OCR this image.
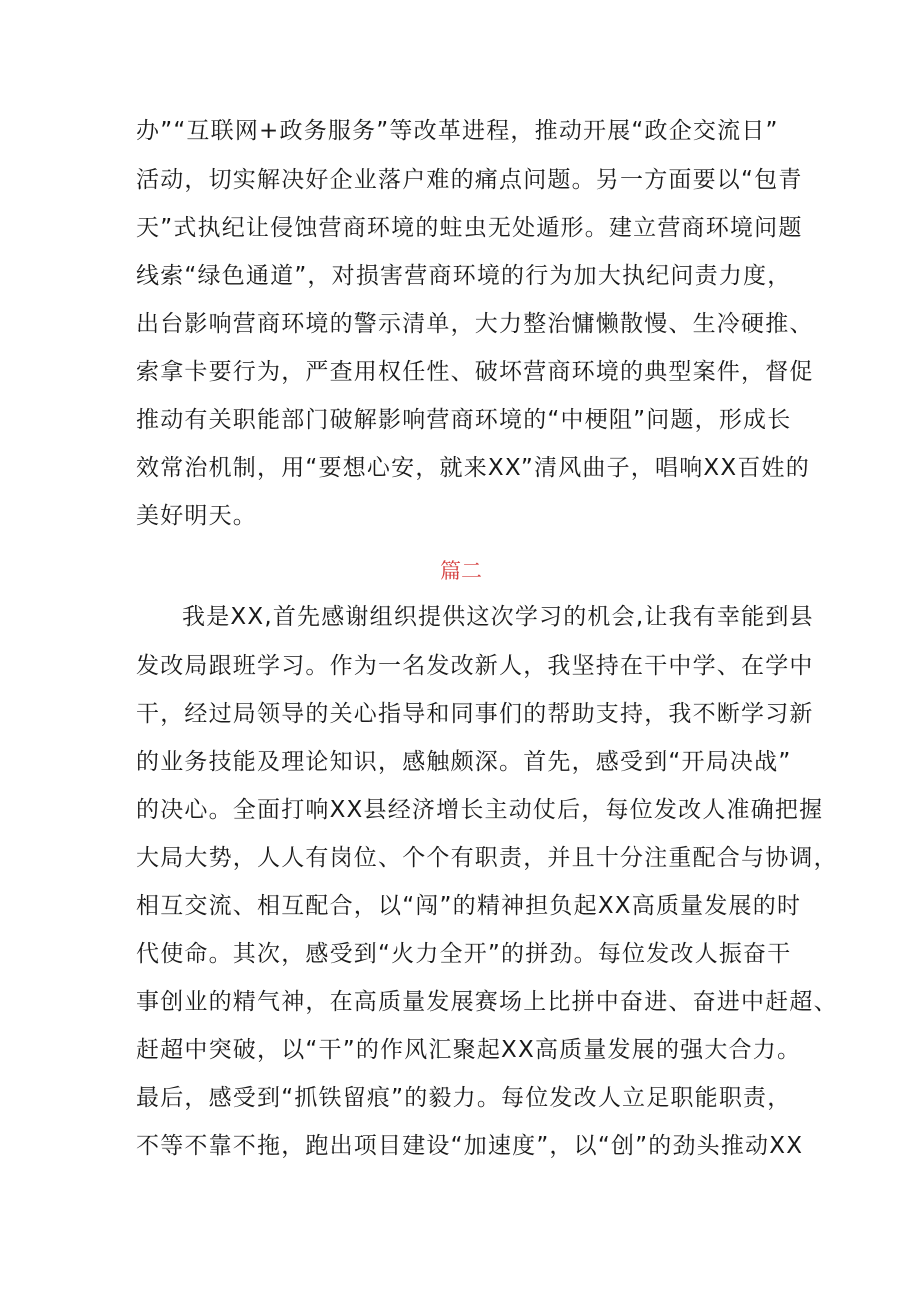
办”“互联网+政务服务”等改革进程，推动开展“政企交流日”
活动，切实解决好企业落户难的痛点问题。另一方面要以“包青
天”式执纪让侵蚀营商环境的蛀虫无处遁形。建立营商环境问题
线索“绿色通道”，对损害营商环境的行为加大执纪问责力度，
出台影响营商环境的警示清单，大力整治慵懒散慢、生冷硬推、
索拿卡要行为，严查用权任性、破坏营商环境的典型案件，督促
推动有关职能部门破解影响营商环境的“中梗阻”问题，形成长
效常治机制，用“要想心安，就来XX”清风曲子，唱响XX百姓的
美好明天。
篇二
我是XX,首先感谢组织提供这次学习的机会,让我有幸能到县
发改局跟班学习。作为一名发改新人，我坚持在干中学、在学中
干，经过局领导的关心指导和同事们的帮助支持，我不断学习新
的业务技能及理论知识，感触颇深。首先，感受到“开局决战”
的决心。全面打响XX县经济增长主动仗后，每位发改人准确把握
大局大势，人人有岗位、个个有职责，并且十分注重配合与协调，
相互交流、相互配合，以“闯”的精神担负起XX高质量发展的时
代使命。其次，感受到“火力全开”的拼劲。每位发改人振奋干
事创业的精气神，在高质量发展赛场上比拼中奋进、奋进中赶超、
赶超中突破，以“干”的作风汇聚起XX高质量发展的强大合力。
最后，感受到“抓铁留痕”的毅力。每位发改人立足职能职责，
不等不靠不拖，跑出项目建设“加速度”，以“创”的劲头推动XX
